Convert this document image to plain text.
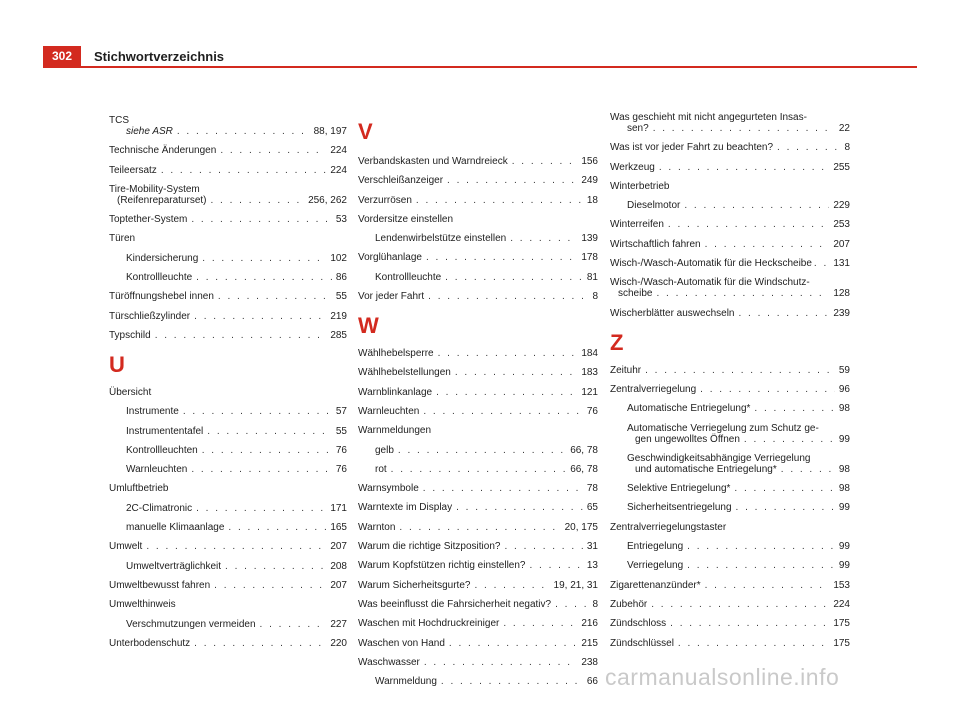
302	Stichwortverzeichnis
TCS
siehe ASR . . .	88, 197
Technische Änderungen . . .	224
Teileersatz . . .	224
Tire-Mobility-System
(Reifenreparaturset) . . .	256, 262
Toptether-System . . .	53
Türen
Kindersicherung . . .	102
Kontrollleuchte . . .	86
Türöffnungshebel innen . . .	55
Türschließzylinder . . .	219
Typschild . . .	285
U
Übersicht
Instrumente . . .	57
Instrumententafel . . .	55
Kontrollleuchten . . .	76
Warnleuchten . . .	76
Umluftbetrieb
2C-Climatronic . . .	171
manuelle Klimaanlage . . .	165
Umwelt . . .	207
Umweltverträglichkeit . . .	208
Umweltbewusst fahren . . .	207
Umwelthinweis
Verschmutzungen vermeiden . . .	227
Unterbodenschutz . . .	220
V
Verbandskasten und Warndreieck . . .	156
Verschleißanzeiger . . .	249
Verzurrösen . . .	18
Vordersitze einstellen
Lendenwirbelstütze einstellen . . .	139
Vorglühanlage . . .	178
Kontrollleuchte . . .	81
Vor jeder Fahrt . . .	8
W
Wählhebelsperre . . .	184
Wählhebelstellungen . . .	183
Warnblinkanlage . . .	121
Warnleuchten . . .	76
Warnmeldungen
gelb . . .	66, 78
rot . . .	66, 78
Warnsymbole . . .	78
Warntexte im Display . . .	65
Warnton . . .	20, 175
Warum die richtige Sitzposition? . . .	31
Warum Kopfstützen richtig einstellen? . . .	13
Warum Sicherheitsgurte? . . .	19, 21, 31
Was beeinflusst die Fahrsicherheit negativ? . . .	8
Waschen mit Hochdruckreiniger . . .	216
Waschen von Hand . . .	215
Waschwasser . . .	238
Warnmeldung . . .	66
Was geschieht mit nicht angegurteten Insas-
sen? . . .	22
Was ist vor jeder Fahrt zu beachten? . . .	8
Werkzeug . . .	255
Winterbetrieb
Dieselmotor . . .	229
Winterreifen . . .	253
Wirtschaftlich fahren . . .	207
Wisch-/Wasch-Automatik für die Heckscheibe . . . 131
Wisch-/Wasch-Automatik für die Windschutz-
scheibe . . .	128
Wischerblätter auswechseln . . .	239
Z
Zeituhr . . .	59
Zentralverriegelung . . .	96
Automatische Entriegelung* . . .	98
Automatische Verriegelung zum Schutz ge-
gen ungewolltes Öffnen . . .	99
Geschwindigkeitsabhängige Verriegelung
und automatische Entriegelung* . . .	98
Selektive Entriegelung* . . .	98
Sicherheitsentriegelung . . .	99
Zentralverriegelungstaster
Entriegelung . . .	99
Verriegelung . . .	99
Zigarettenanzünder* . . .	153
Zubehör . . .	224
Zündschloss . . .	175
Zündschlüssel . . .	175
carmanualsonline.info
